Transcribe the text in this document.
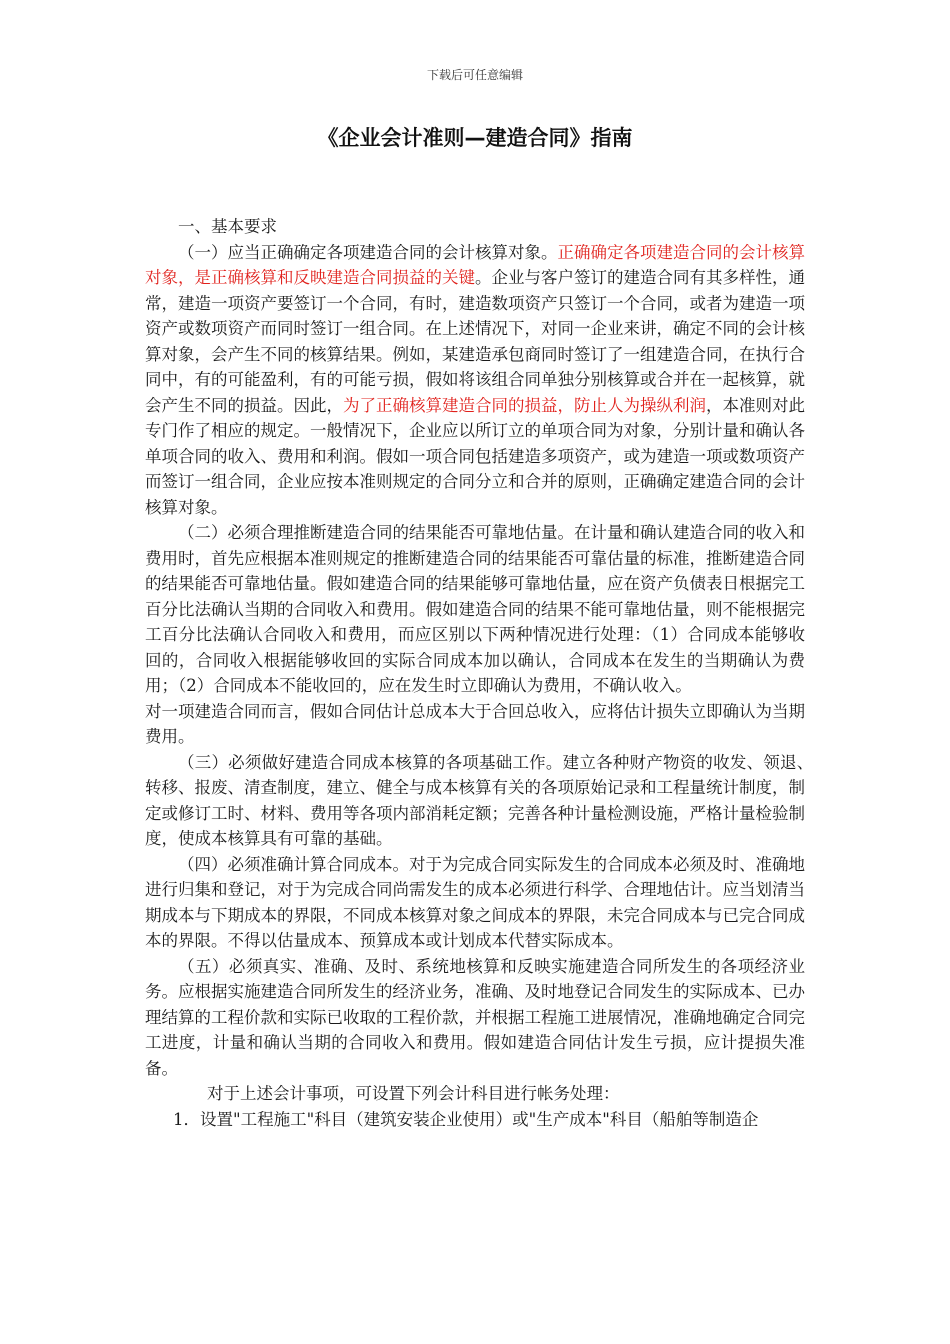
下载后可任意编辑
《企业会计准则—建造合同》指南

一、基本要求

（一）应当正确确定各项建造合同的会计核算对象。正确确定各项建造合同的会计核算对象，是正确核算和反映建造合同损益的关键。企业与客户签订的建造合同有其多样性，通常，建造一项资产要签订一个合同，有时，建造数项资产只签订一个合同，或者为建造一项资产或数项资产而同时签订一组合同。在上述情况下，对同一企业来讲，确定不同的会计核算对象，会产生不同的核算结果。例如，某建造承包商同时签订了一组建造合同，在执行合同中，有的可能盈利，有的可能亏损，假如将该组合同单独分别核算或合并在一起核算，就会产生不同的损益。因此，为了正确核算建造合同的损益，防止人为操纵利润，本准则对此专门作了相应的规定。一般情况下，企业应以所订立的单项合同为对象，分别计量和确认各单项合同的收入、费用和利润。假如一项合同包括建造多项资产，或为建造一项或数项资产而签订一组合同，企业应按本准则规定的合同分立和合并的原则，正确确定建造合同的会计核算对象。

（二）必须合理推断建造合同的结果能否可靠地估量。在计量和确认建造合同的收入和费用时，首先应根据本准则规定的推断建造合同的结果能否可靠估量的标准，推断建造合同的结果能否可靠地估量。假如建造合同的结果能够可靠地估量，应在资产负债表日根据完工百分比法确认当期的合同收入和费用。假如建造合同的结果不能可靠地估量，则不能根据完工百分比法确认合同收入和费用，而应区别以下两种情况进行处理：（1）合同成本能够收回的，合同收入根据能够收回的实际合同成本加以确认，合同成本在发生的当期确认为费用；（2）合同成本不能收回的，应在发生时立即确认为费用，不确认收入。

对一项建造合同而言，假如合同估计总成本大于合回总收入，应将估计损失立即确认为当期费用。

（三）必须做好建造合同成本核算的各项基础工作。建立各种财产物资的收发、领退、　转移、报废、清查制度，建立、健全与成本核算有关的各项原始记录和工程量统计制度，制定或修订工时、材料、费用等各项内部消耗定额；完善各种计量检测设施，严格计量检验制度，使成本核算具有可靠的基础。

（四）必须准确计算合同成本。对于为完成合同实际发生的合同成本必须及时、准确地进行归集和登记，对于为完成合同尚需发生的成本必须进行科学、合理地估计。应当划清当期成本与下期成本的界限，不同成本核算对象之间成本的界限，未完合同成本与已完合同成本的界限。不得以估量成本、预算成本或计划成本代替实际成本。

（五）必须真实、准确、及时、系统地核算和反映实施建造合同所发生的各项经济业务。应根据实施建造合同所发生的经济业务，准确、及时地登记合同发生的实际成本、已办理结算的工程价款和实际已收取的工程价款，并根据工程施工进展情况，准确地确定合同完工进度，计量和确认当期的合同收入和费用。假如建造合同估计发生亏损，应计提损失准备。

对于上述会计事项，可设置下列会计科目进行帐务处理：

1．设置"工程施工"科目（建筑安装企业使用）或"生产成本"科目（船舶等制造企
